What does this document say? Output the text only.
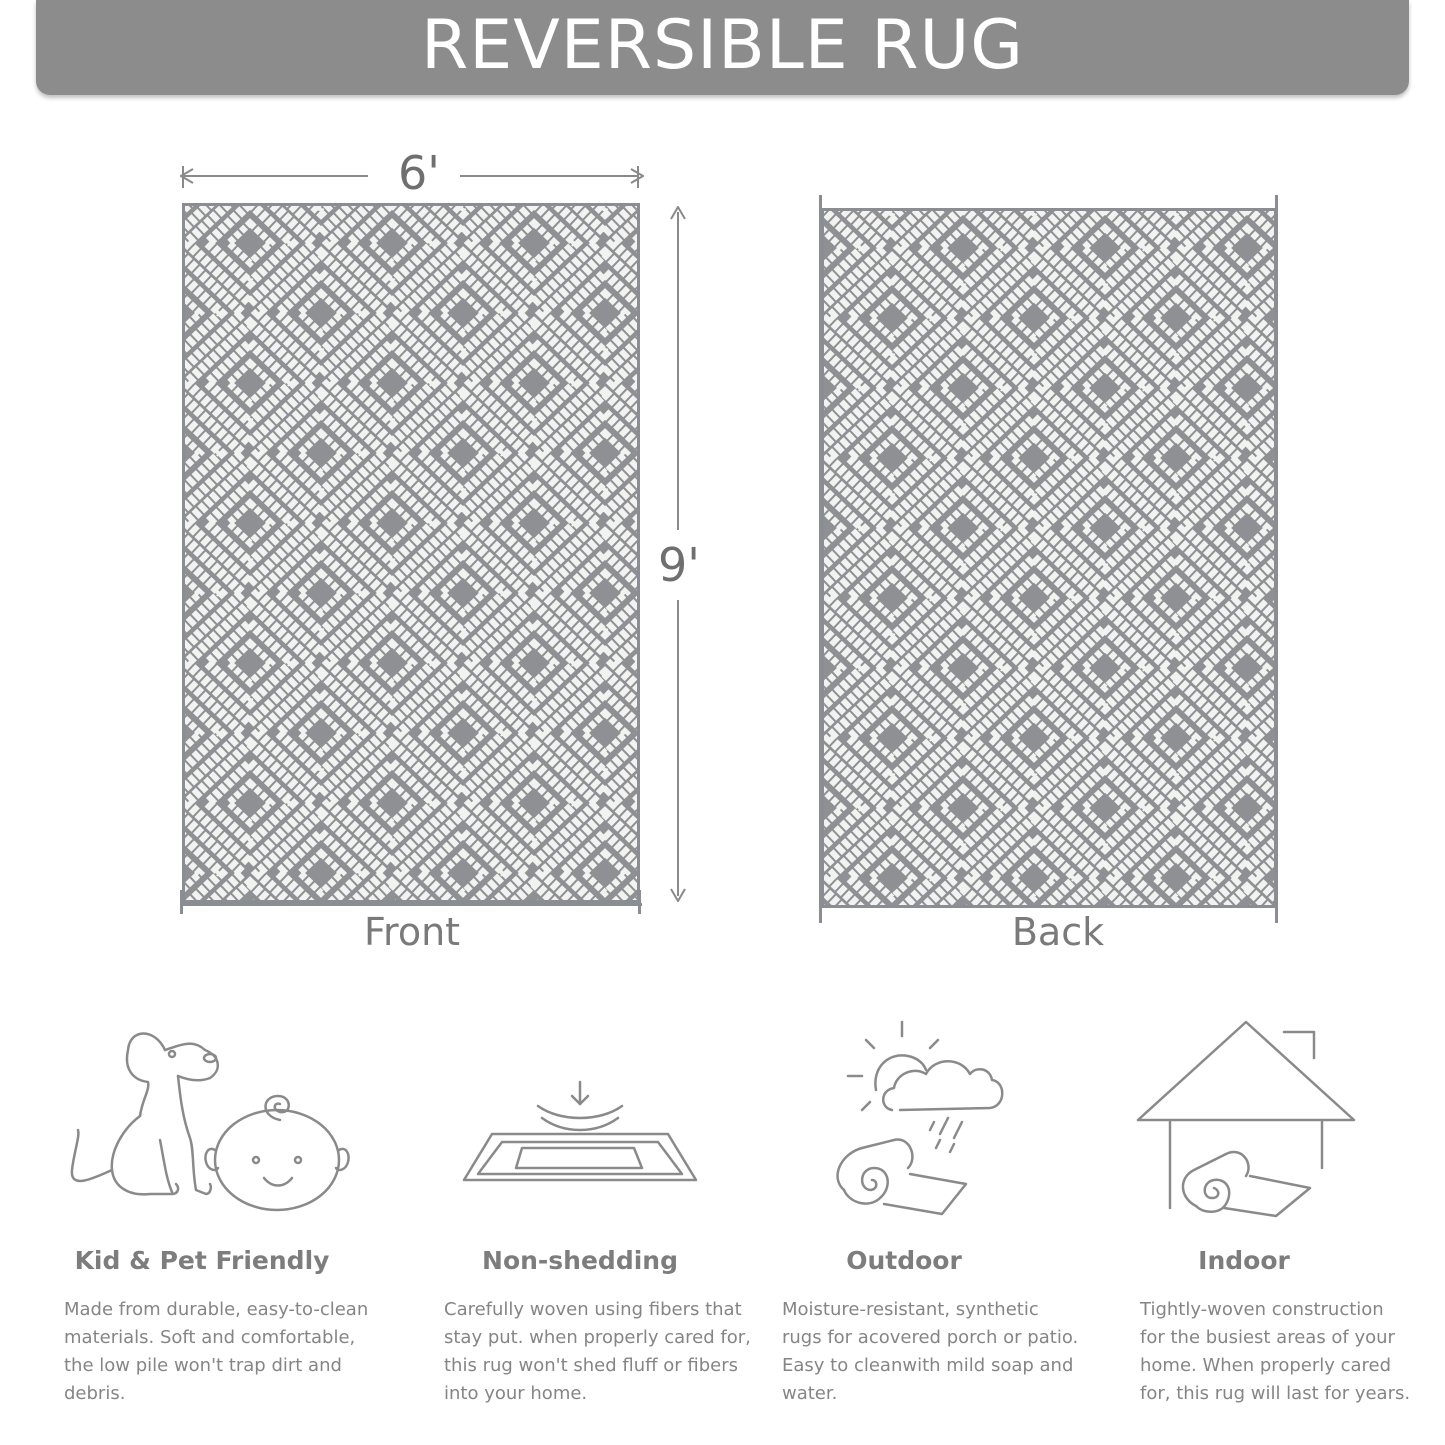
REVERSIBLE RUG
6'
9'
Front	Back
Kid & Pet Friendly
Made from durable, easy-to-clean
materials. Soft and comfortable,
the low pile won't trap dirt and
debris.
Non-shedding
Carefully woven using fibers that
stay put. when properly cared for,
this rug won't shed fluff or fibers
into your home.
Outdoor
Moisture-resistant, synthetic
rugs for acovered porch or patio.
Easy to cleanwith mild soap and
water.
Indoor
Tightly-woven construction
for the busiest areas of your
home. When properly cared
for, this rug will last for years.
